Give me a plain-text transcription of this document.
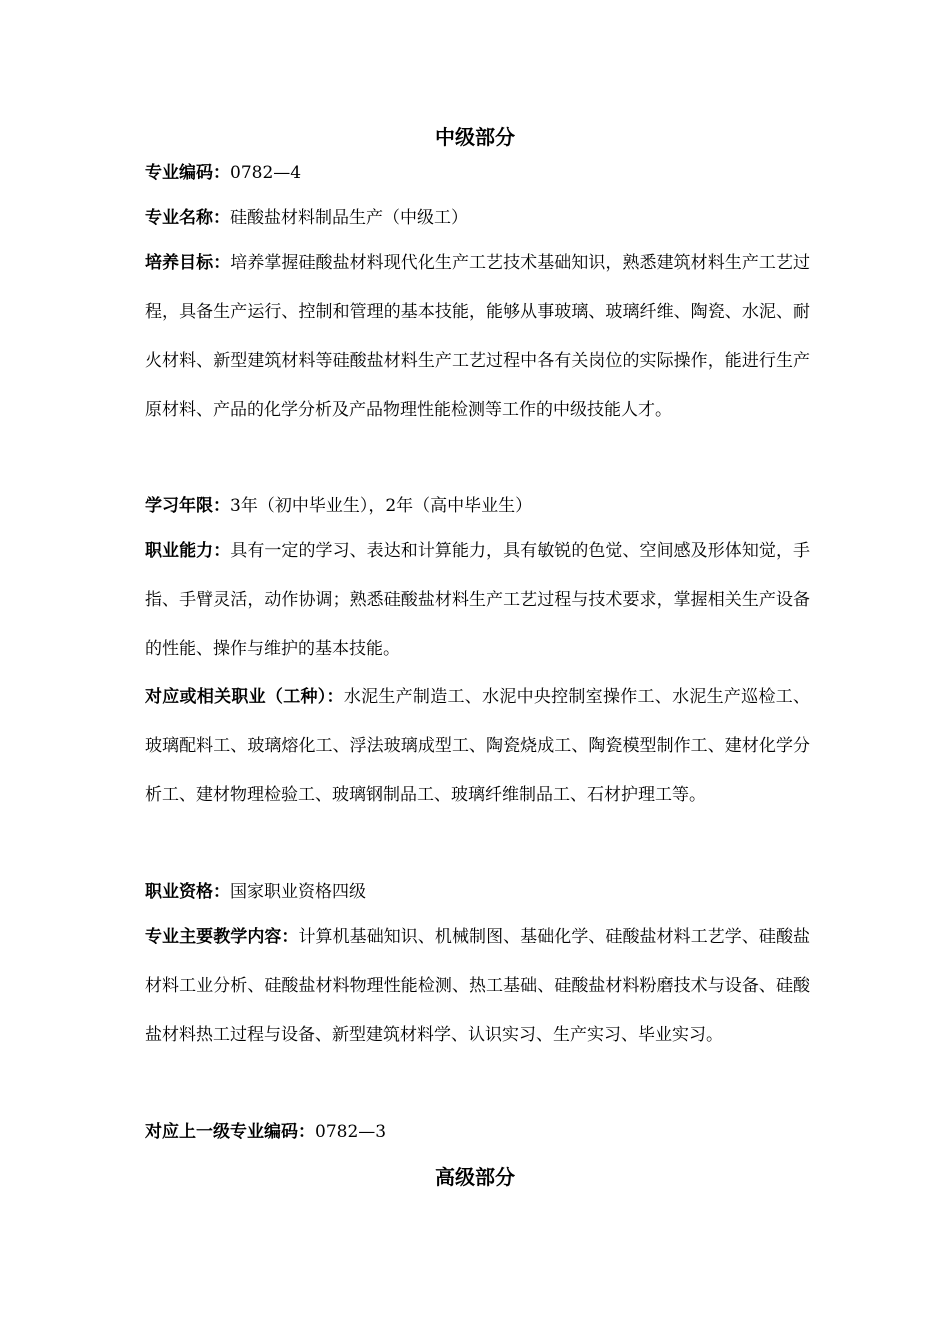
中级部分
专业编码：0782—4
专业名称：硅酸盐材料制品生产（中级工）
培养目标：培养掌握硅酸盐材料现代化生产工艺技术基础知识，熟悉建筑材料生产工艺过程，具备生产运行、控制和管理的基本技能，能够从事玻璃、玻璃纤维、陶瓷、水泥、耐火材料、新型建筑材料等硅酸盐材料生产工艺过程中各有关岗位的实际操作，能进行生产原材料、产品的化学分析及产品物理性能检测等工作的中级技能人才。
学习年限：3年（初中毕业生），2年（高中毕业生）
职业能力：具有一定的学习、表达和计算能力，具有敏锐的色觉、空间感及形体知觉，手指、手臂灵活，动作协调；熟悉硅酸盐材料生产工艺过程与技术要求，掌握相关生产设备的性能、操作与维护的基本技能。
对应或相关职业（工种）：水泥生产制造工、水泥中央控制室操作工、水泥生产巡检工、玻璃配料工、玻璃熔化工、浮法玻璃成型工、陶瓷烧成工、陶瓷模型制作工、建材化学分析工、建材物理检验工、玻璃钢制品工、玻璃纤维制品工、石材护理工等。
职业资格：国家职业资格四级
专业主要教学内容：计算机基础知识、机械制图、基础化学、硅酸盐材料工艺学、硅酸盐材料工业分析、硅酸盐材料物理性能检测、热工基础、硅酸盐材料粉磨技术与设备、硅酸盐材料热工过程与设备、新型建筑材料学、认识实习、生产实习、毕业实习。
对应上一级专业编码：0782—3
高级部分
